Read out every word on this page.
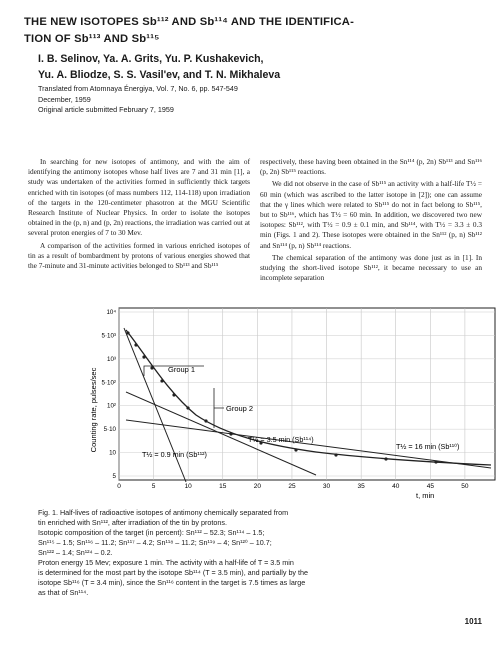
THE NEW ISOTOPES Sb¹¹² AND Sb¹¹⁴ AND THE IDENTIFICA-
TION OF Sb¹¹³ AND Sb¹¹⁵
I. B. Selinov, Ya. A. Grits, Yu. P. Kushakevich,
Yu. A. Bliodze, S. S. Vasil'ev, and T. N. Mikhaleva
Translated from Atomnaya Énergiya, Vol. 7, No. 6, pp. 547-549
December, 1959
Original article submitted February 7, 1959

In searching for new isotopes of antimony, and with the aim of identifying the antimony isotopes whose half lives are 7 and 31 min [1], a study was undertaken of the activities formed in sufficiently thick targets enriched with tin isotopes (of mass numbers 112, 114-118) upon irradiation of the targets in the 120-centimeter phasotron at the MGU Scientific Research Institute of Nuclear Physics. In order to isolate the isotopes obtained in the (p, n) and (p, 2n) reactions, the irradiation was carried out at several proton energies of 7 to 30 Mev.

A comparison of the activities formed in various enriched isotopes of tin as a result of bombardment by protons of various energies showed that the 7-minute and 31-minute activities belonged to Sb¹¹³ and Sb¹¹⁵

respectively, these having been obtained in the Sn¹¹⁴ (p, 2n) Sb¹¹³ and Sn¹¹⁶ (p, 2n) Sb¹¹⁵ reactions.

We did not observe in the case of Sb¹¹⁵ an activity with a half-life T½ = 60 min (which was ascribed to the latter isotope in [2]); one can assume that the γ lines which were related to Sb¹¹⁵ do not in fact belong to Sb¹¹⁵, but to Sb¹¹⁶, which has T½ = 60 min. In addition, we discovered two new isotopes: Sb¹¹², with T½ = 0.9 ± 0.1 min, and Sb¹¹⁴, with T½ = 3.3 ± 0.3 min (Figs. 1 and 2). These isotopes were obtained in the Sn¹¹² (p, n) Sb¹¹² and Sn¹¹⁴ (p, n) Sb¹¹⁴ reactions.

The chemical separation of the antimony was done just as in [1]. In studying the short-lived isotope Sb¹¹², it became necessary to use an incomplete separation

10⁴
5·10³
10³
5·10²
10²
5·10
10
5
0	5	10	15	20	25	30	35	40	45	50
Counting rate, pulses/sec
t, min
Group 1
Group 2
T½ = 3.5 min (Sb¹¹⁴)
T½ = 0.9 min (Sb¹¹²)
T½ = 16 min (Sb¹¹⁰)
Fig. 1. Half-lives of radioactive isotopes of antimony chemically separated from
tin enriched with Sn¹¹², after irradiation of the tin by protons.
Isotopic composition of the target (in percent): Sn¹¹² – 52.3; Sn¹¹⁴ – 1.5;
Sn¹¹⁵ – 1.5; Sn¹¹⁶ – 11.2; Sn¹¹⁷ – 4.2; Sn¹¹⁸ – 11.2; Sn¹¹⁹ – 4; Sn¹²⁰ – 10.7;
Sn¹²² – 1.4; Sn¹²⁴ – 0.2.
Proton energy 15 Mev; exposure 1 min. The activity with a half-life of T = 3.5 min
is determined for the most part by the isotope Sb¹¹⁴ (T = 3.5 min), and partially by the
isotope Sb¹¹⁶ (T = 3.4 min), since the Sn¹¹⁶ content in the target is 7.5 times as large
as that of Sn¹¹⁴.
1011
